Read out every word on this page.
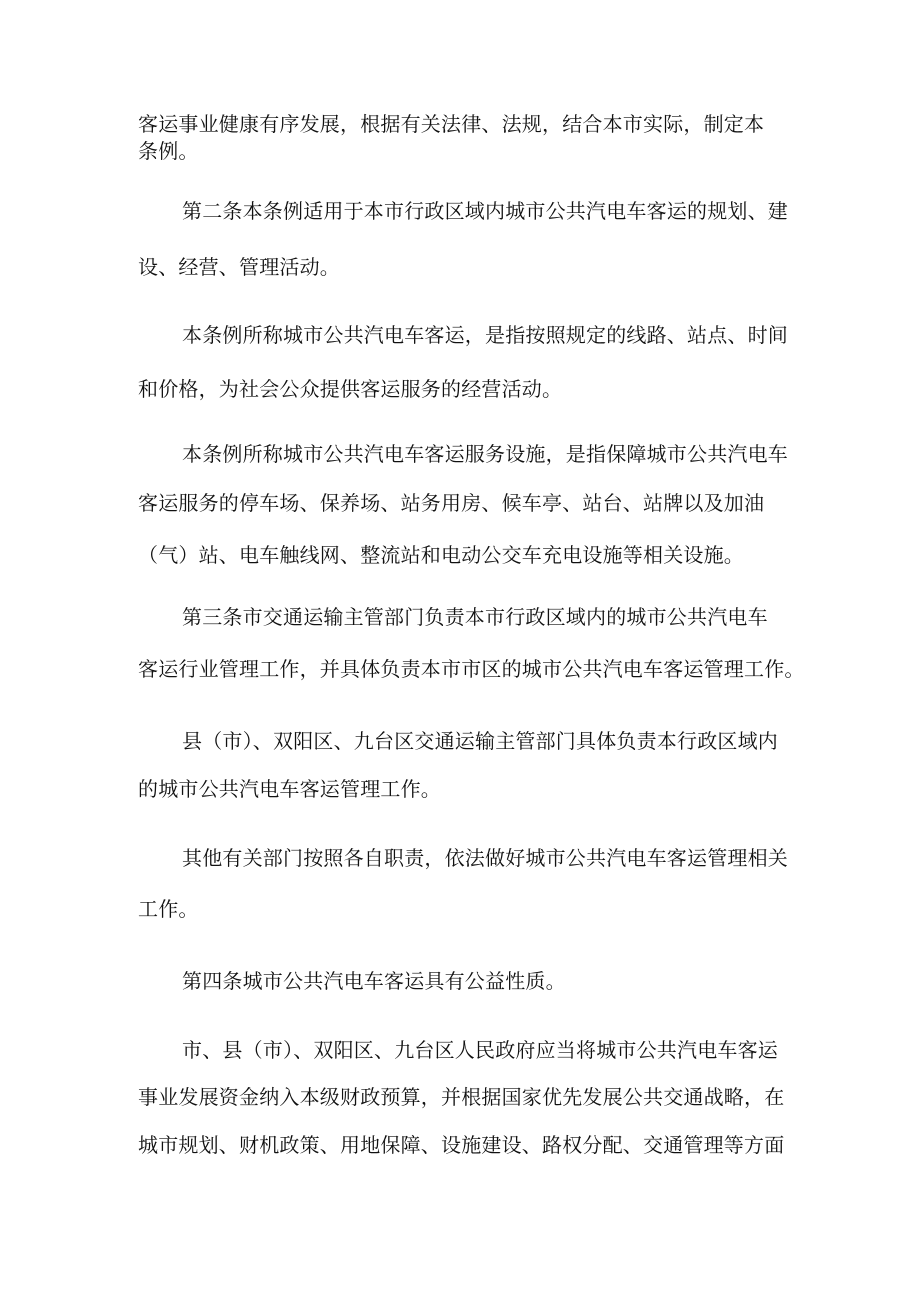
客运事业健康有序发展，根据有关法律、法规，结合本市实际，制定本
条例。
第二条本条例适用于本市行政区域内城市公共汽电车客运的规划、建
设、经营、管理活动。
本条例所称城市公共汽电车客运，是指按照规定的线路、站点、时间
和价格，为社会公众提供客运服务的经营活动。
本条例所称城市公共汽电车客运服务设施，是指保障城市公共汽电车
客运服务的停车场、保养场、站务用房、候车亭、站台、站牌以及加油
（气）站、电车触线网、整流站和电动公交车充电设施等相关设施。
第三条市交通运输主管部门负责本市行政区域内的城市公共汽电车
客运行业管理工作，并具体负责本市市区的城市公共汽电车客运管理工作。
县（市）、双阳区、九台区交通运输主管部门具体负责本行政区域内
的城市公共汽电车客运管理工作。
其他有关部门按照各自职责，依法做好城市公共汽电车客运管理相关
工作。
第四条城市公共汽电车客运具有公益性质。
市、县（市）、双阳区、九台区人民政府应当将城市公共汽电车客运
事业发展资金纳入本级财政预算，并根据国家优先发展公共交通战略，在
城市规划、财机政策、用地保障、设施建设、路权分配、交通管理等方面
